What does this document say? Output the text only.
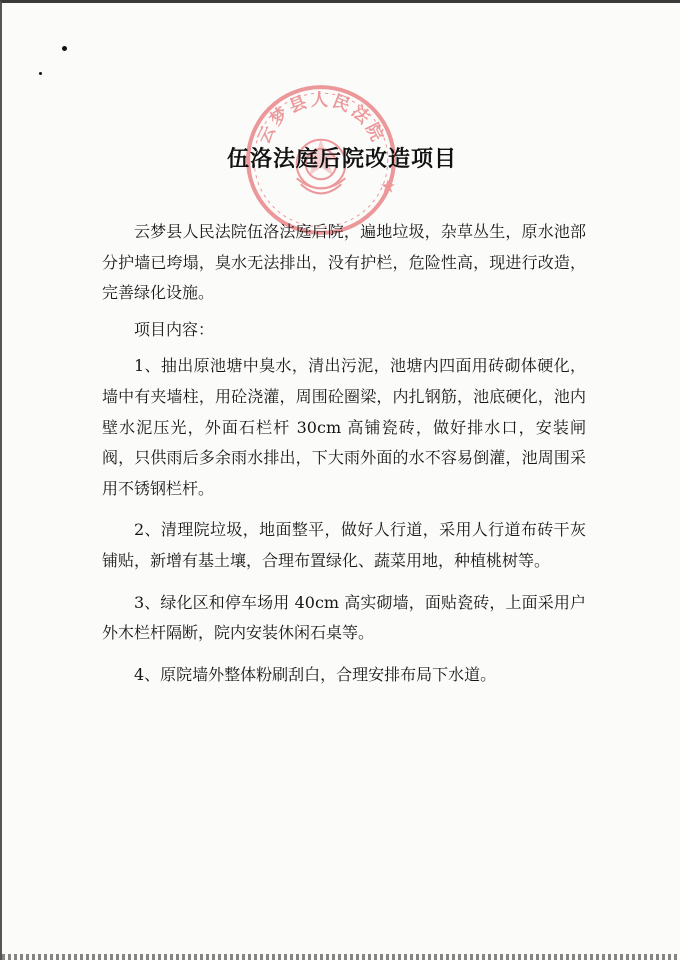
云梦县人民法院
★
伍洛法庭后院改造项目

云梦县人民法院伍洛法庭后院，遍地垃圾，杂草丛生，原水池部分护墙已垮塌，臭水无法排出，没有护栏，危险性高，现进行改造，完善绿化设施。

项目内容：

1、抽出原池塘中臭水，清出污泥，池塘内四面用砖砌体硬化，墙中有夹墙柱，用砼浇灌，周围砼圈梁，内扎钢筋，池底硬化，池内壁水泥压光，外面石栏杆 30cm 高铺瓷砖，做好排水口，安装闸阀，只供雨后多余雨水排出，下大雨外面的水不容易倒灌，池周围采用不锈钢栏杆。

2、清理院垃圾，地面整平，做好人行道，采用人行道布砖干灰铺贴，新增有基土壤，合理布置绿化、蔬菜用地，种植桃树等。

3、绿化区和停车场用 40cm 高实砌墙，面贴瓷砖，上面采用户外木栏杆隔断，院内安装休闲石桌等。

4、原院墙外整体粉刷刮白，合理安排布局下水道。
